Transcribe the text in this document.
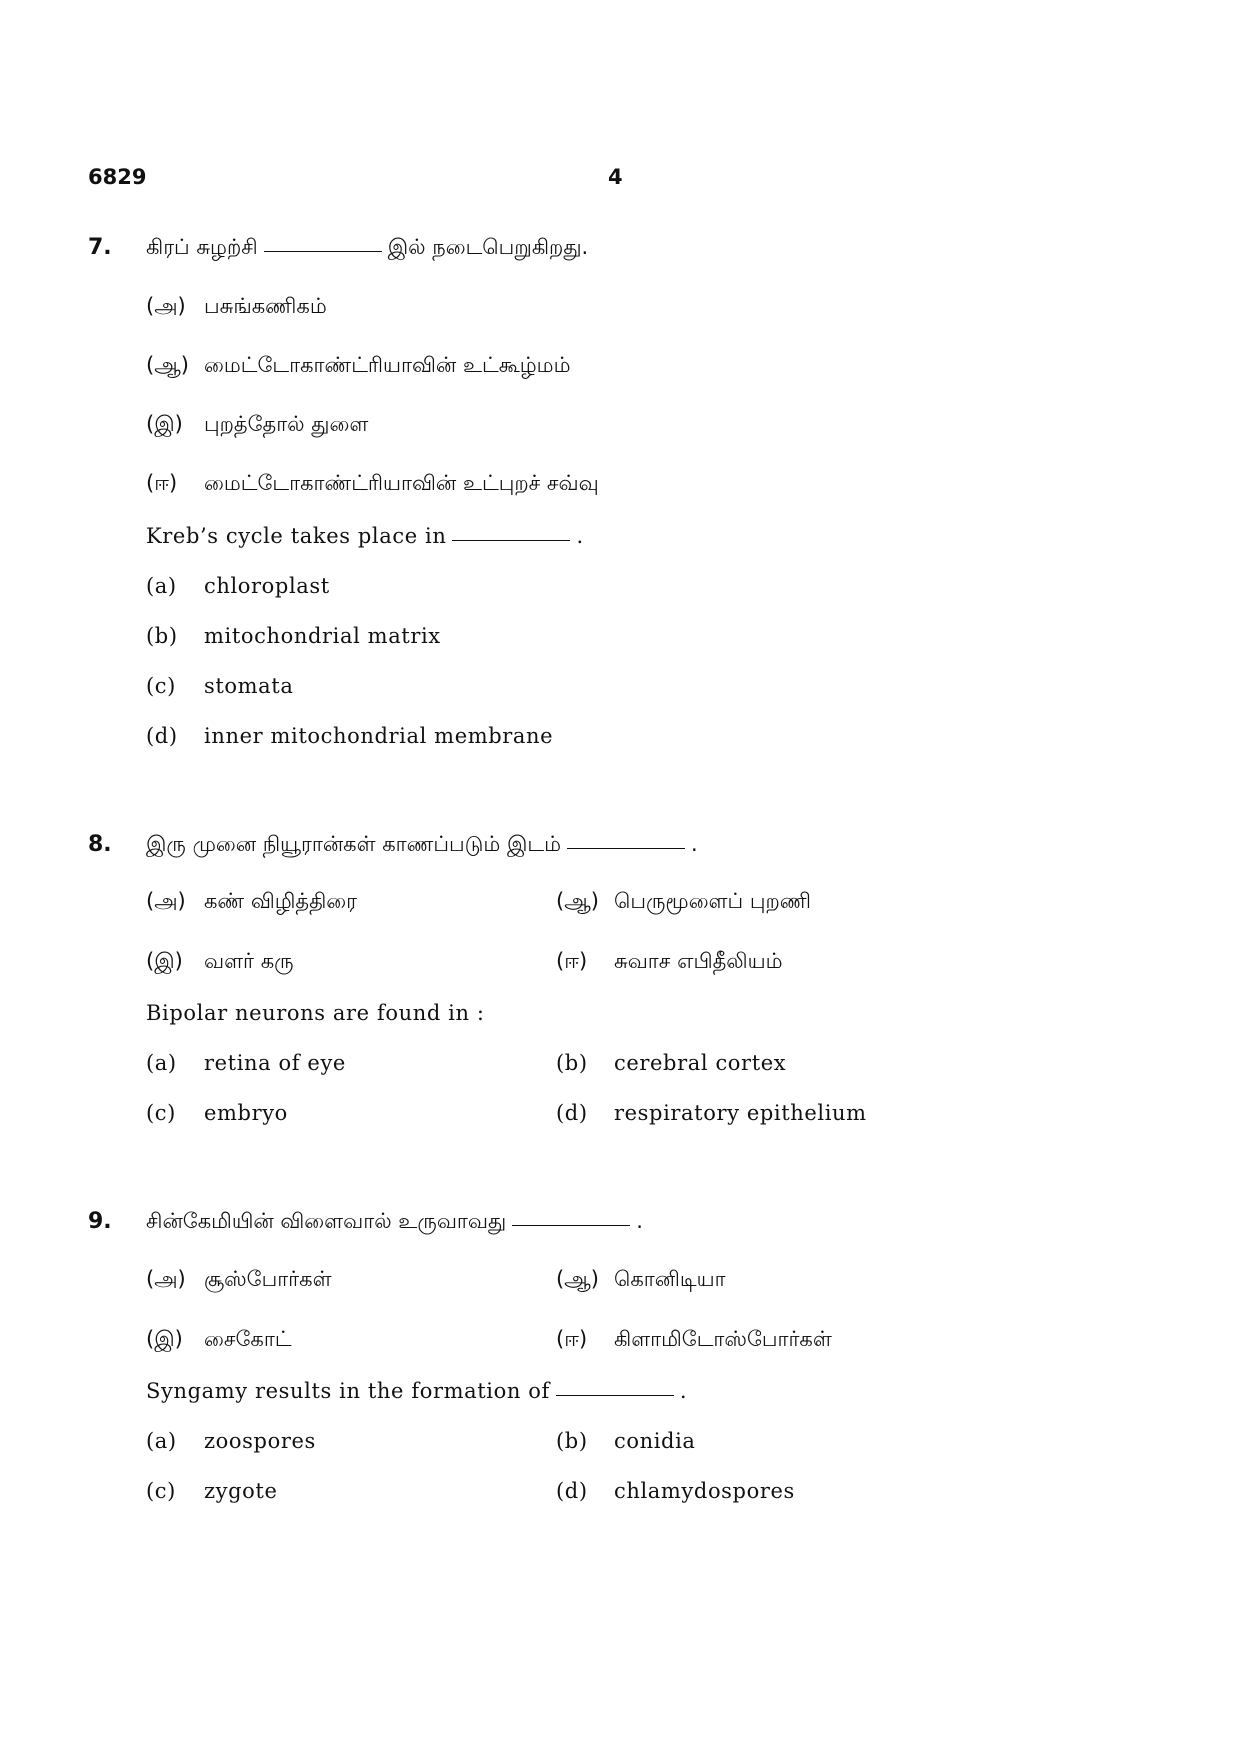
6829	4
7. கிரப் சுழற்சி	இல் நடைபெறுகிறது.
(அ) பசுங்கணிகம்
(ஆ) மைட்டோகாண்ட்ரியாவின் உட்கூழ்மம்
(இ)	புறத்தோல் துளை
(ஈ)	மைட்டோகாண்ட்ரியாவின் உட்புறச் சவ்வு
Kreb’s cycle takes place in	.
(a)	chloroplast
(b)	mitochondrial matrix
(c)	stomata
(d)	inner mitochondrial membrane
8. இரு முனை நியூரான்கள் காணப்படும் இடம்	.
(அ) கண் விழித்திரை	(ஆ) பெருமூளைப் புறணி
(இ)	வளர் கரு	(ஈ)	சுவாச எபிதீலியம்
Bipolar neurons are found in :
(a)	retina of eye	(b)	cerebral cortex
(c)	embryo	(d)	respiratory epithelium
9. சின்கேமியின் விளைவால் உருவாவது	.
(அ) சூஸ்போர்கள்	(ஆ) கொனிடியா
(இ)	சைகோட்	(ஈ)	கிளாமிடோஸ்போர்கள்
Syngamy results in the formation of	.
(a)	zoospores	(b)	conidia
(c)	zygote	(d)	chlamydospores
